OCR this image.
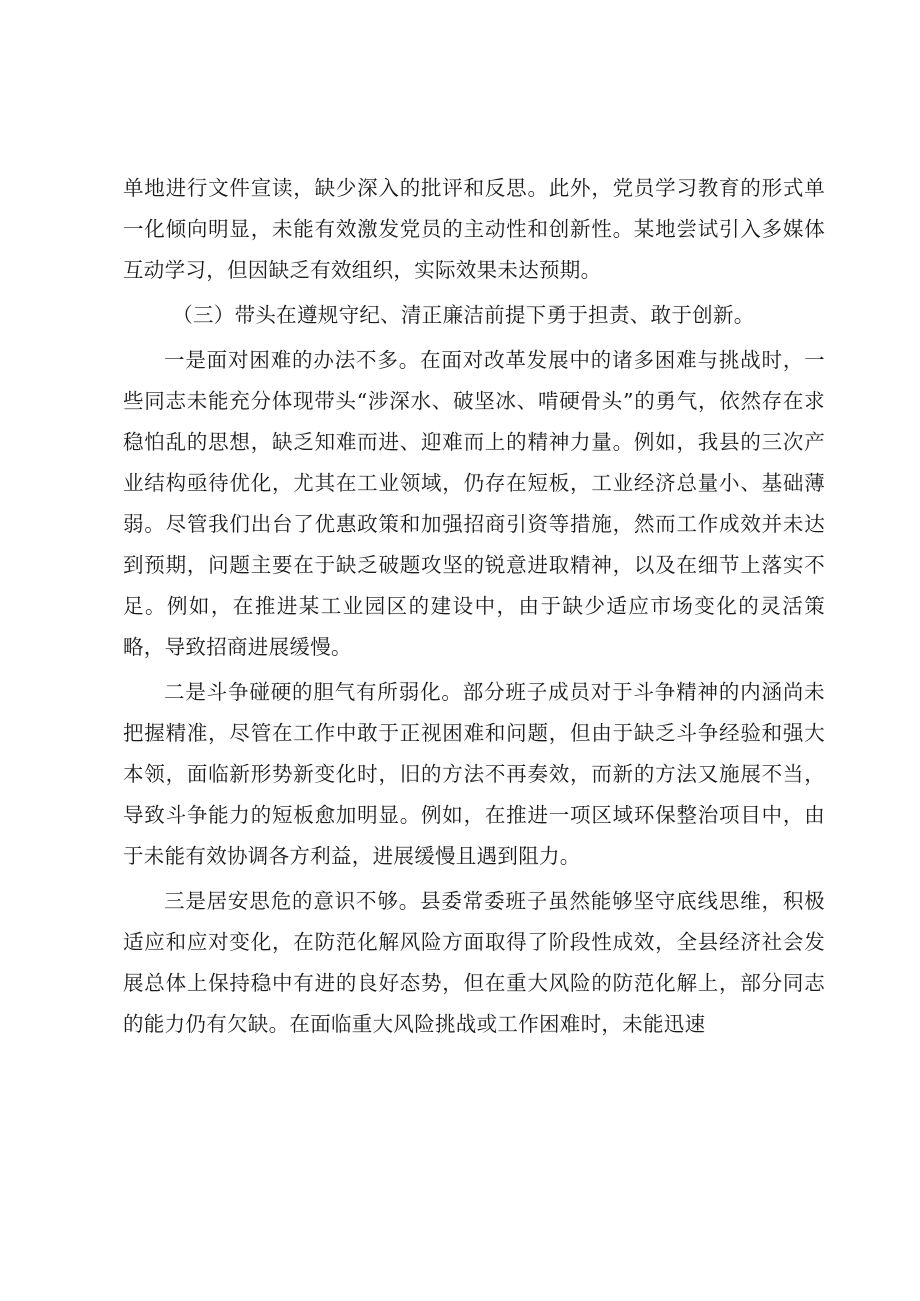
单地进行文件宣读，缺少深入的批评和反思。此外，党员学习教育的形式单一化倾向明显，未能有效激发党员的主动性和创新性。某地尝试引入多媒体互动学习，但因缺乏有效组织，实际效果未达预期。

（三）带头在遵规守纪、清正廉洁前提下勇于担责、敢于创新。

一是面对困难的办法不多。在面对改革发展中的诸多困难与挑战时，一些同志未能充分体现带头“涉深水、破坚冰、啃硬骨头”的勇气，依然存在求稳怕乱的思想，缺乏知难而进、迎难而上的精神力量。例如，我县的三次产业结构亟待优化，尤其在工业领域，仍存在短板，工业经济总量小、基础薄弱。尽管我们出台了优惠政策和加强招商引资等措施，然而工作成效并未达到预期，问题主要在于缺乏破题攻坚的锐意进取精神，以及在细节上落实不足。例如，在推进某工业园区的建设中，由于缺少适应市场变化的灵活策略，导致招商进展缓慢。

二是斗争碰硬的胆气有所弱化。部分班子成员对于斗争精神的内涵尚未把握精准，尽管在工作中敢于正视困难和问题，但由于缺乏斗争经验和强大本领，面临新形势新变化时，旧的方法不再奏效，而新的方法又施展不当，导致斗争能力的短板愈加明显。例如，在推进一项区域环保整治项目中，由于未能有效协调各方利益，进展缓慢且遇到阻力。

三是居安思危的意识不够。县委常委班子虽然能够坚守底线思维，积极适应和应对变化，在防范化解风险方面取得了阶段性成效，全县经济社会发展总体上保持稳中有进的良好态势，但在重大风险的防范化解上，部分同志的能力仍有欠缺。在面临重大风险挑战或工作困难时，未能迅速
